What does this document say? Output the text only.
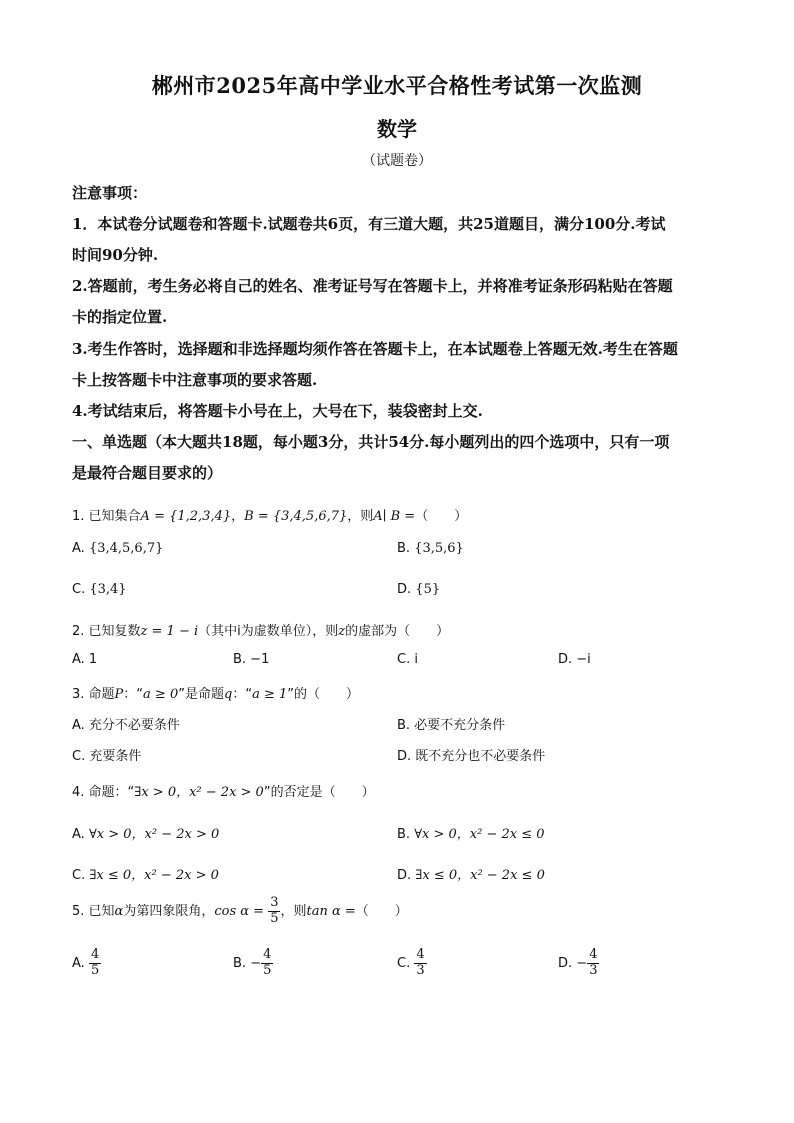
郴州市2025年高中学业水平合格性考试第一次监测
数学
（试题卷）
注意事项：
1．本试卷分试题卷和答题卡.试题卷共6页，有三道大题，共25道题目，满分100分.考试
时间90分钟.
2.答题前，考生务必将自己的姓名、准考证号写在答题卡上，并将准考证条形码粘贴在答题
卡的指定位置.
3.考生作答时，选择题和非选择题均须作答在答题卡上，在本试题卷上答题无效.考生在答题
卡上按答题卡中注意事项的要求答题.
4.考试结束后，将答题卡小号在上，大号在下，装袋密封上交.
一、单选题（本大题共18题，每小题3分，共计54分.每小题列出的四个选项中，只有一项
是最符合题目要求的）
1. 已知集合A = {1,2,3,4}，B = {3,4,5,6,7}，则A∣ B =（　　）
A. {3,4,5,6,7}	B. {3,5,6}
C. {3,4}	D. {5}
2. 已知复数z = 1 − i（其中i为虚数单位），则z的虚部为（　　）
A. 1	B. −1	C. i	D. −i
3. 命题P：“a ≥ 0”是命题q：“a ≥ 1”的（　　）
A. 充分不必要条件	B. 必要不充分条件
C. 充要条件	D. 既不充分也不必要条件
4. 命题：“∃x > 0，x² − 2x > 0”的否定是（　　）
A. ∀x > 0，x² − 2x > 0	B. ∀x > 0，x² − 2x ≤ 0
C. ∃x ≤ 0，x² − 2x > 0	D. ∃x ≤ 0，x² − 2x ≤ 0
5. 已知α为第四象限角，$\cos \alpha = \frac{3}{5}$ ，则tan α =（　　）
A. $\frac{4}{5}$	B. − $\frac{4}{5}$	C. $\frac{4}{3}$	D. − $\frac{4}{3}$
